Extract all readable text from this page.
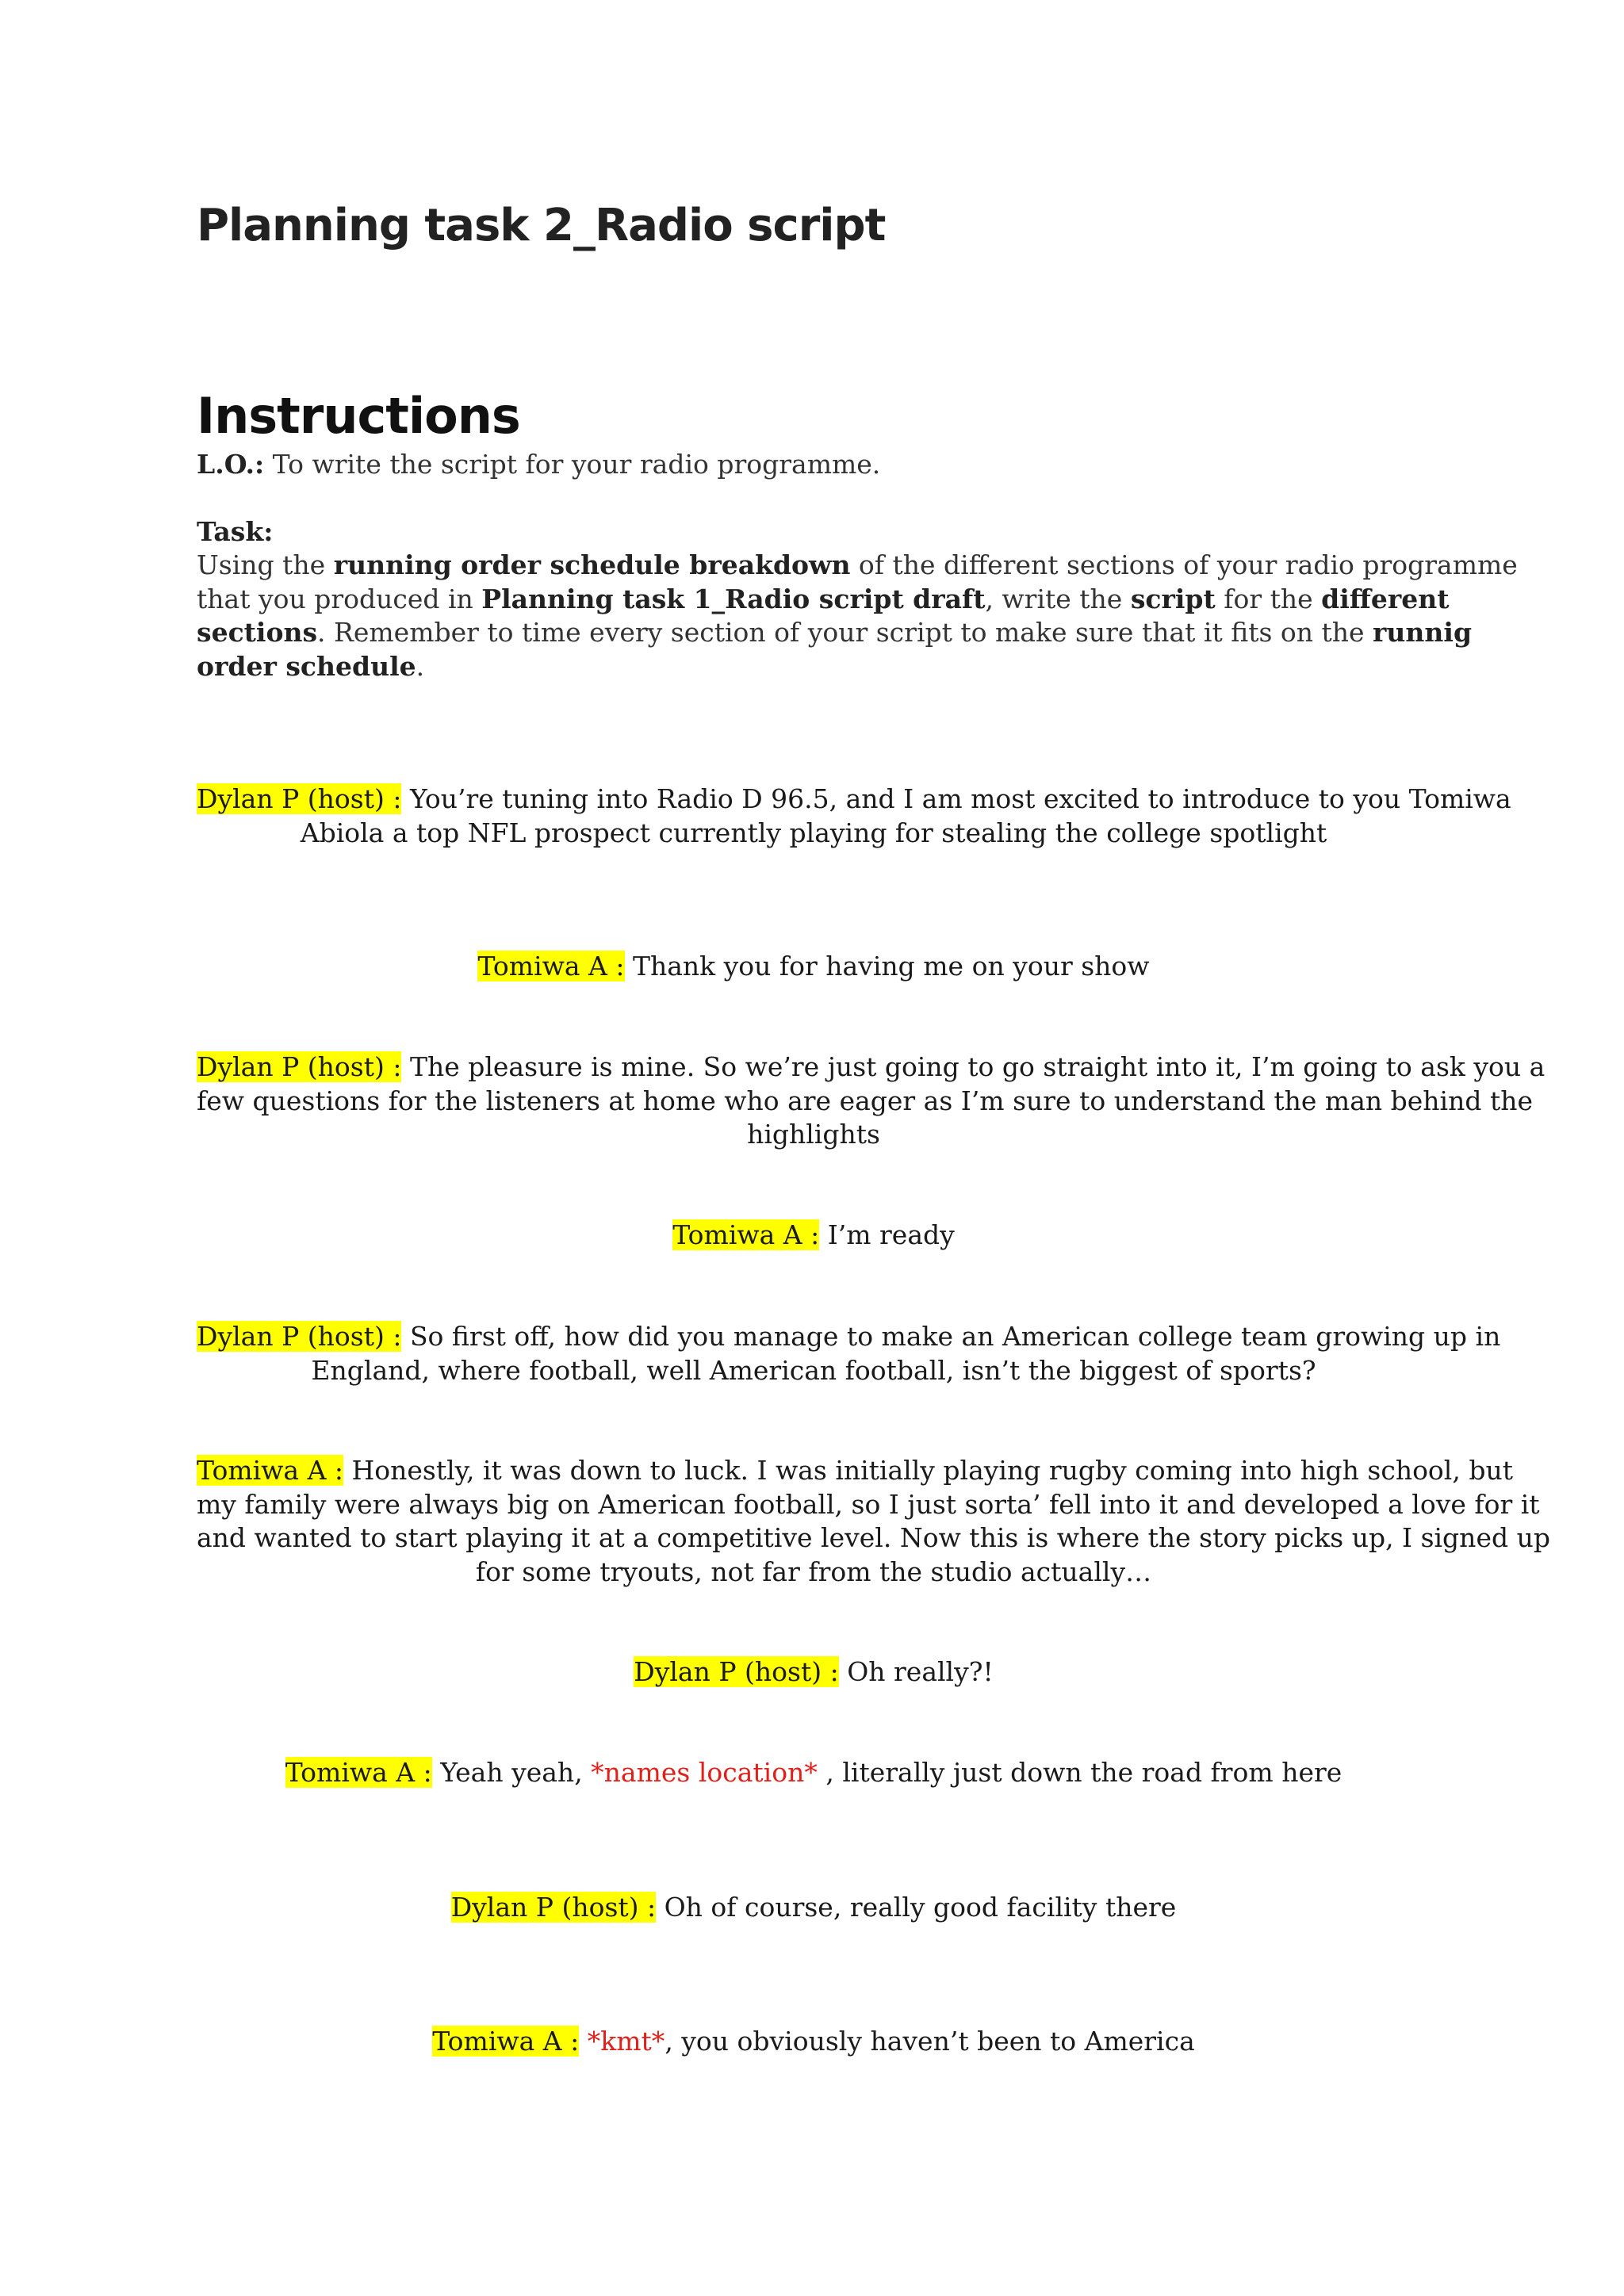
Planning task 2_Radio script
Instructions

L.O.: To write the script for your radio programme.

Task:

Using the running order schedule breakdown of the different sections of your radio programme
that you produced in Planning task 1_Radio script draft, write the script for the different
sections. Remember to time every section of your script to make sure that it fits on the runnig
order schedule.

Dylan P (host) : You’re tuning into Radio D 96.5, and I am most excited to introduce to you Tomiwa
Abiola a top NFL prospect currently playing for stealing the college spotlight

Tomiwa A : Thank you for having me on your show

Dylan P (host) : The pleasure is mine. So we’re just going to go straight into it, I’m going to ask you a
few questions for the listeners at home who are eager as I’m sure to understand the man behind the
highlights

Tomiwa A : I’m ready

Dylan P (host) : So first off, how did you manage to make an American college team growing up in
England, where football, well American football, isn’t the biggest of sports?

Tomiwa A : Honestly, it was down to luck. I was initially playing rugby coming into high school, but
my family were always big on American football, so I just sorta’ fell into it and developed a love for it
and wanted to start playing it at a competitive level. Now this is where the story picks up, I signed up
for some tryouts, not far from the studio actually…

Dylan P (host) : Oh really?!

Tomiwa A : Yeah yeah, *names location* , literally just down the road from here

Dylan P (host) : Oh of course, really good facility there

Tomiwa A : *kmt*, you obviously haven’t been to America
